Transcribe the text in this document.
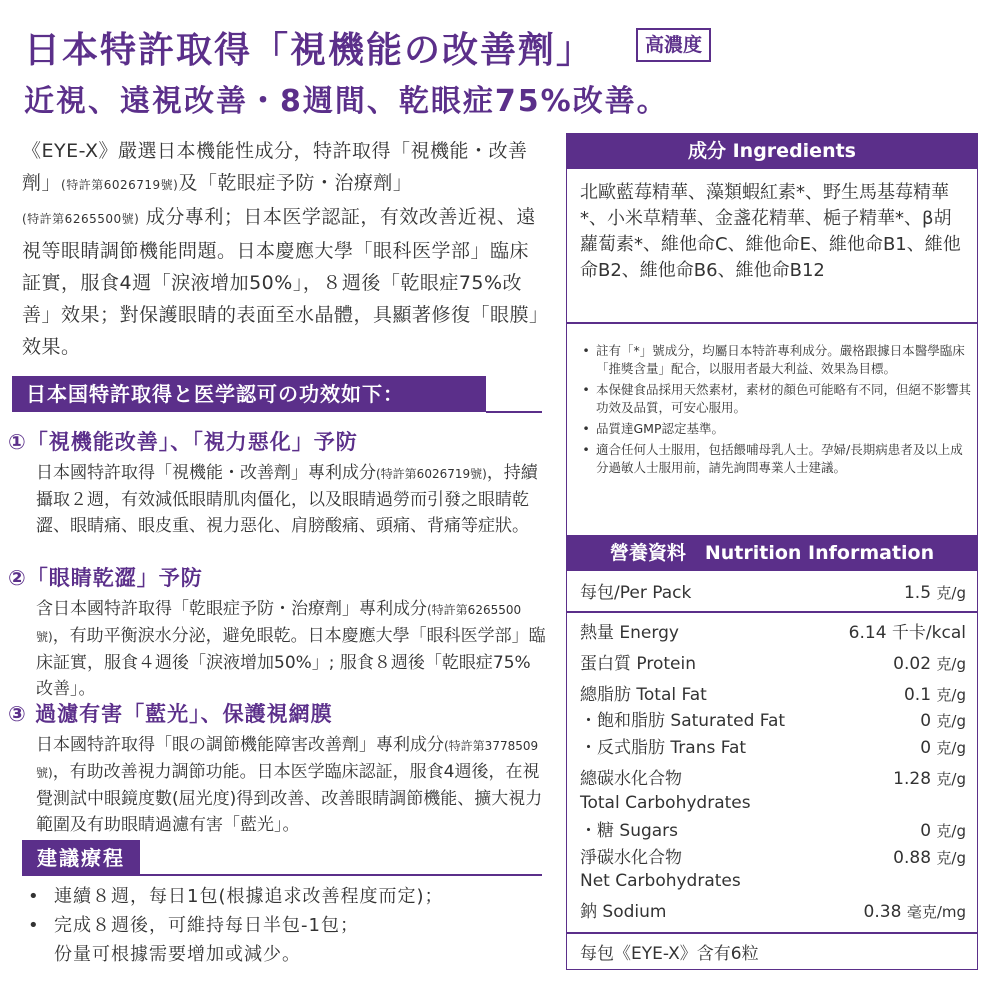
日本特許取得「視機能の改善劑」	高濃度
近視、遠視改善・8週間、乾眼症75%改善。
《EYE-X》嚴選日本機能性成分，特許取得「視機能・改善劑」(特許第6026719號)及「乾眼症予防・治療劑」
(特許第6265500號) 成分專利；日本医学認証，有效改善近視、遠視等眼睛調節機能問題。日本慶應大學「眼科医学部」臨床証實，服食4週「淚液增加50%」，８週後「乾眼症75%改善」效果；對保護眼睛的表面至水晶體，具顯著修復「眼膜」效果。
日本国特許取得と医学認可の功效如下：
①「視機能改善」、「視力惡化」予防
日本國特許取得「視機能・改善劑」專利成分(特許第6026719號)，持續攝取２週，有效減低眼睛肌肉僵化，以及眼睛過勞而引發之眼睛乾澀、眼睛痛、眼皮重、視力惡化、肩膀酸痛、頭痛、背痛等症狀。
②「眼睛乾澀」予防
含日本國特許取得「乾眼症予防・治療劑」專利成分(特許第6265500號)，有助平衡淚水分泌，避免眼乾。日本慶應大學「眼科医学部」臨床証實，服食４週後「淚液增加50%」; 服食８週後「乾眼症75%改善」。
③ 過濾有害「藍光」、保護視網膜
日本國特許取得「眼の調節機能障害改善劑」專利成分(特許第3778509號)，有助改善視力調節功能。日本医学臨床認証，服食4週後，在視覺測試中眼鏡度數(屈光度)得到改善、改善眼睛調節機能、擴大視力範圍及有助眼睛過濾有害「藍光」。
建議療程
• 連續８週，每日1包(根據追求改善程度而定)；
• 完成８週後，可維持每日半包-1包；
份量可根據需要增加或減少。
成分 Ingredients
北歐藍莓精華、藻類蝦紅素*、野生馬基莓精華*、小米草精華、金盞花精華、梔子精華*、β胡蘿蔔素*、維他命C、維他命E、維他命B1、維他命B2、維他命B6、維他命B12
• 註有「*」號成分，均屬日本特許專利成分。嚴格跟據日本醫學臨床「推獎含量」配合，以服用者最大利益、效果為目標。
• 本保健食品採用天然素材，素材的顏色可能略有不同，但絕不影響其功效及品質，可安心服用。
• 品質達GMP認定基準。
• 適合任何人士服用，包括餵哺母乳人士。孕婦/長期病患者及以上成分過敏人士服用前，請先詢問專業人士建議。
營養資料　Nutrition Information
每包/Per Pack	1.5 克/g
熱量 Energy	6.14 千卡/kcal
蛋白質 Protein	0.02 克/g
總脂肪 Total Fat	0.1 克/g
・飽和脂肪 Saturated Fat	0 克/g
・反式脂肪 Trans Fat	0 克/g
總碳水化合物	1.28 克/g
Total Carbohydrates
・糖 Sugars	0 克/g
淨碳水化合物	0.88 克/g
Net Carbohydrates
鈉 Sodium	0.38 毫克/mg
每包《EYE-X》含有6粒
